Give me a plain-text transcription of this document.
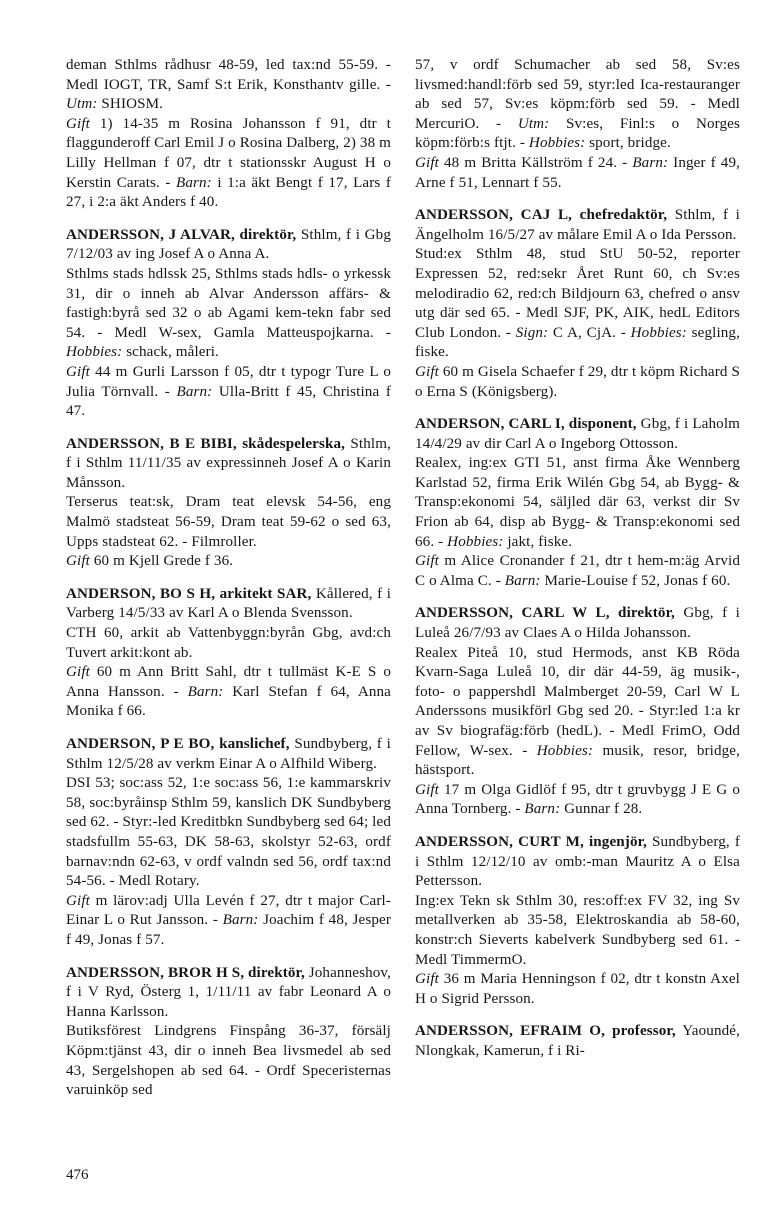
deman Sthlms rådhusr 48-59, led tax:nd 55-59. - Medl IOGT, TR, Samf S:t Erik, Konsthantv gille. - Utm: SHIOSM.

Gift 1) 14-35 m Rosina Johansson f 91, dtr t flaggunderoff Carl Emil J o Rosina Dalberg, 2) 38 m Lilly Hellman f 07, dtr t stationsskr August H o Kerstin Carats. - Barn: i 1:a äkt Bengt f 17, Lars f 27, i 2:a äkt Anders f 40.

ANDERSSON, J ALVAR, direktör, Sthlm, f i Gbg 7/12/03 av ing Josef A o Anna A.

Sthlms stads hdlssk 25, Sthlms stads hdls- o yrkessk 31, dir o inneh ab Alvar Andersson affärs- & fastigh:byrå sed 32 o ab Agami kem-tekn fabr sed 54. - Medl W-sex, Gamla Matteuspojkarna. - Hobbies: schack, måleri.

Gift 44 m Gurli Larsson f 05, dtr t typogr Ture L o Julia Törnvall. - Barn: Ulla-Britt f 45, Christina f 47.

ANDERSSON, B E BIBI, skådespelerska, Sthlm, f i Sthlm 11/11/35 av expressinneh Josef A o Karin Månsson.

Terserus teat:sk, Dram teat elevsk 54-56, eng Malmö stadsteat 56-59, Dram teat 59-62 o sed 63, Upps stadsteat 62. - Filmroller.

Gift 60 m Kjell Grede f 36.

ANDERSON, BO S H, arkitekt SAR, Kållered, f i Varberg 14/5/33 av Karl A o Blenda Svensson.

CTH 60, arkit ab Vattenbyggn:byrån Gbg, avd:ch Tuvert arkit:kont ab.

Gift 60 m Ann Britt Sahl, dtr t tullmäst K-E S o Anna Hansson. - Barn: Karl Stefan f 64, Anna Monika f 66.

ANDERSON, P E BO, kanslichef, Sundbyberg, f i Sthlm 12/5/28 av verkm Einar A o Alfhild Wiberg.

DSI 53; soc:ass 52, 1:e soc:ass 56, 1:e kammarskriv 58, soc:byråinsp Sthlm 59, kanslich DK Sundbyberg sed 62. - Styr:-led Kreditbkn Sundbyberg sed 64; led stadsfullm 55-63, DK 58-63, skolstyr 52-63, ordf barnav:ndn 62-63, v ordf valndn sed 56, ordf tax:nd 54-56. - Medl Rotary.

Gift m lärov:adj Ulla Levén f 27, dtr t major Carl-Einar L o Rut Jansson. - Barn: Joachim f 48, Jesper f 49, Jonas f 57.

ANDERSSON, BROR H S, direktör, Johanneshov, f i V Ryd, Österg 1, 1/11/11 av fabr Leonard A o Hanna Karlsson.

Butiksförest Lindgrens Finspång 36-37, försälj Köpm:tjänst 43, dir o inneh Bea livsmedel ab sed 43, Sergelshopen ab sed 64. - Ordf Specеristernas varuinköp sed

57, v ordf Schumacher ab sed 58, Sv:es livsmed:handl:förb sed 59, styr:led Ica-restauranger ab sed 57, Sv:es köpm:förb sed 59. - Medl MercuriO. - Utm: Sv:es, Finl:s o Norges köpm:förb:s ftjt. - Hobbies: sport, bridge.

Gift 48 m Britta Källström f 24. - Barn: Inger f 49, Arne f 51, Lennart f 55.

ANDERSSON, CAJ L, chefredaktör, Sthlm, f i Ängelholm 16/5/27 av målare Emil A o Ida Persson.

Stud:ex Sthlm 48, stud StU 50-52, reporter Expressen 52, red:sekr Året Runt 60, ch Sv:es melodiradio 62, red:ch Bildjourn 63, chefred o ansv utg där sed 65. - Medl SJF, PK, AIK, hedL Editors Club London. - Sign: C A, CjA. - Hobbies: segling, fiske.

Gift 60 m Gisela Schaefer f 29, dtr t köpm Richard S o Erna S (Königsberg).

ANDERSON, CARL I, disponent, Gbg, f i Laholm 14/4/29 av dir Carl A o Ingeborg Ottosson.

Realex, ing:ex GTI 51, anst firma Åke Wennberg Karlstad 52, firma Erik Wilén Gbg 54, ab Bygg- & Transp:ekonomi 54, säljled där 63, verkst dir Sv Frion ab 64, disp ab Bygg- & Transp:ekonomi sed 66. - Hobbies: jakt, fiske.

Gift m Alice Cronander f 21, dtr t hem-m:äg Arvid C o Alma C. - Barn: Marie-Louise f 52, Jonas f 60.

ANDERSSON, CARL W L, direktör, Gbg, f i Luleå 26/7/93 av Claes A o Hilda Johansson.

Realex Piteå 10, stud Hermods, anst KB Röda Kvarn-Saga Luleå 10, dir där 44-59, äg musik-, foto- o pappershdl Malmberget 20-59, Carl W L Anderssons musikförl Gbg sed 20. - Styr:led 1:a kr av Sv biografäg:förb (hedL). - Medl FrimO, Odd Fellow, W-sex. - Hobbies: musik, resor, bridge, hästsport.

Gift 17 m Olga Gidlöf f 95, dtr t gruvbygg J E G o Anna Tornberg. - Barn: Gunnar f 28.

ANDERSSON, CURT M, ingenjör, Sundbyberg, f i Sthlm 12/12/10 av omb:-man Mauritz A o Elsa Pettersson.

Ing:ex Tekn sk Sthlm 30, res:off:ex FV 32, ing Sv metallverken ab 35-58, Elektroskandia ab 58-60, konstr:ch Sieverts kabelverk Sundbyberg sed 61. - Medl TimmermO.

Gift 36 m Maria Henningson f 02, dtr t konstn Axel H o Sigrid Persson.

ANDERSSON, EFRAIM O, professor, Yaoundé, Nlongkak, Kamerun, f i Ri-

476
